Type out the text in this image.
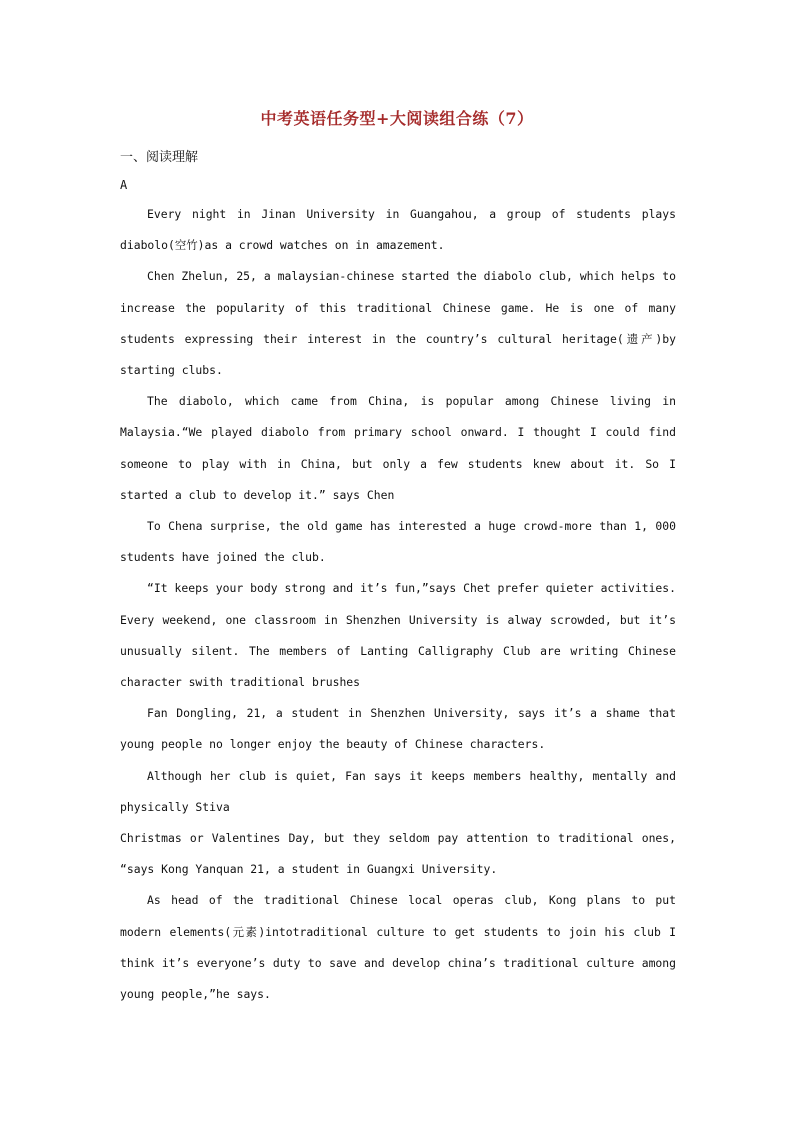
中考英语任务型+大阅读组合练（7）
一、阅读理解
A

Every night in Jinan University in Guangahou, a group of students plays diabolo(空竹)as a crowd watches on in amazement.

Chen Zhelun, 25, a malaysian-chinese started the diabolo club, which helps to increase the popularity of this traditional Chinese game. He is one of many students expressing their interest in the country’s cultural heritage(遗产)by starting clubs.

The diabolo, which came from China, is popular among Chinese living in Malaysia.“We played diabolo from primary school onward. I thought I could find someone to play with in China, but only a few students knew about it. So I started a club to develop it.” says Chen

To Chena surprise, the old game has interested a huge crowd-more than 1, 000 students have joined the club.

“It keeps your body strong and it’s fun,”says Chet prefer quieter activities. Every weekend, one classroom in Shenzhen University is alway scrowded, but it’s unusually silent. The members of Lanting Calligraphy Club are writing Chinese character swith traditional brushes

Fan Dongling, 21, a student in Shenzhen University, says it’s a shame that young people no longer enjoy the beauty of Chinese characters.

Although her club is quiet, Fan says it keeps members healthy, mentally and physically Stiva

Christmas or Valentines Day, but they seldom pay attention to traditional ones, “says Kong Yanquan 21, a student in Guangxi University.

As head of the traditional Chinese local operas club, Kong plans to put modern elements(元素)intotraditional culture to get students to join his club I think it’s everyone’s duty to save and develop china’s traditional culture among young people,”he says.
